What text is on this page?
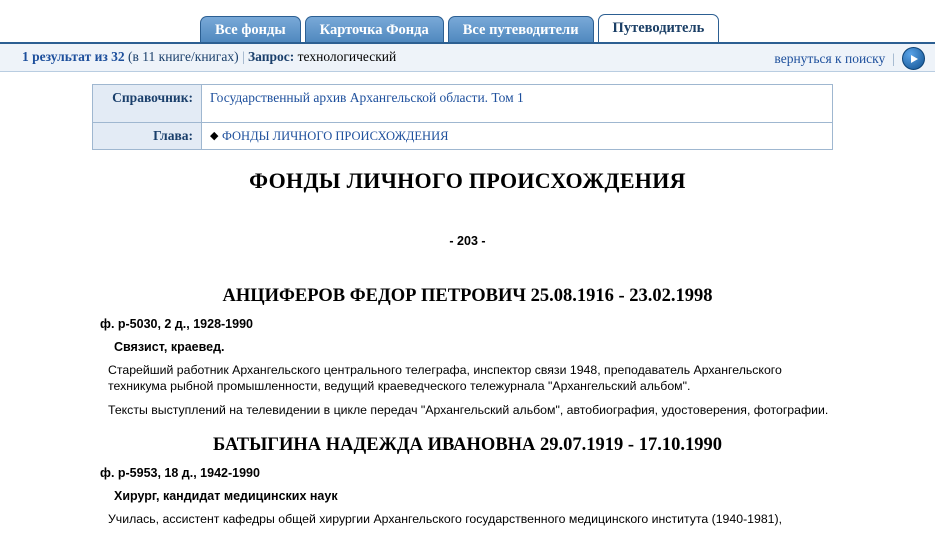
Все фонды	Карточка Фонда	Все путеводители	Путеводитель
1 результат из 32 (в 11 книге/книгах) | Запрос: технологический	вернуться к поиску |
Справочник:	Государственный архив Архангельской области. Том 1
Глава:	◆ ФОНДЫ ЛИЧНОГО ПРОИСХОЖДЕНИЯ
ФОНДЫ ЛИЧНОГО ПРОИСХОЖДЕНИЯ
- 203 -
АНЦИФЕРОВ ФЕДОР ПЕТРОВИЧ 25.08.1916 - 23.02.1998
ф. р-5030, 2 д., 1928-1990
Связист, краевед.
Старейший работник Архангельского центрального телеграфа, инспектор связи 1948, преподаватель Архангельского техникума рыбной промышленности, ведущий краеведческого тележурнала "Архангельский альбом".
Тексты выступлений на телевидении в цикле передач "Архангельский альбом", автобиография, удостоверения, фотографии.
БАТЫГИНА НАДЕЖДА ИВАНОВНА 29.07.1919 - 17.10.1990
ф. р-5953, 18 д., 1942-1990
Хирург, кандидат медицинских наук
Училась, ассистент кафедры общей хирургии Архангельского государственного медицинского института (1940-1981),
